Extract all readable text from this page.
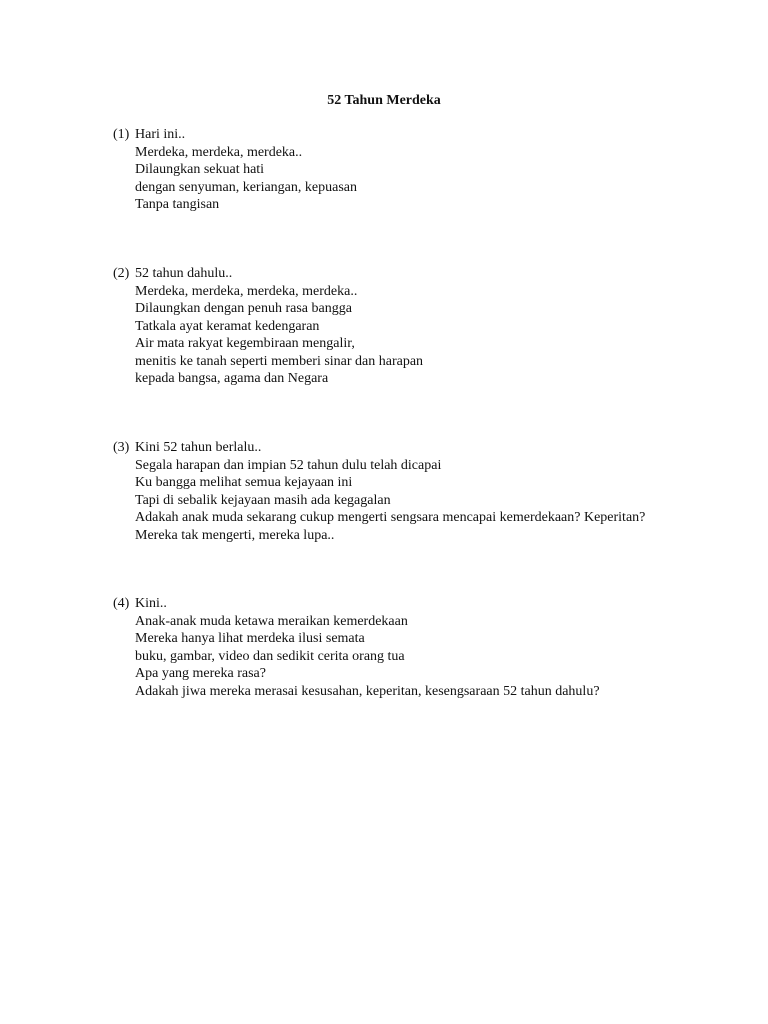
52 Tahun Merdeka
(1) Hari ini..
Merdeka, merdeka, merdeka..
Dilaungkan sekuat hati
dengan senyuman, keriangan, kepuasan
Tanpa tangisan
(2) 52 tahun dahulu..
Merdeka, merdeka, merdeka, merdeka..
Dilaungkan dengan penuh rasa bangga
Tatkala ayat keramat kedengaran
Air mata rakyat kegembiraan mengalir,
menitis ke tanah seperti memberi sinar dan harapan
kepada bangsa, agama dan Negara
(3) Kini 52 tahun berlalu..
Segala harapan dan impian 52 tahun dulu telah dicapai
Ku bangga melihat semua kejayaan ini
Tapi di sebalik kejayaan masih ada kegagalan
Adakah anak muda sekarang cukup mengerti sengsara mencapai kemerdekaan? Keperitan?
Mereka tak mengerti, mereka lupa..
(4) Kini..
Anak-anak muda ketawa meraikan kemerdekaan
Mereka hanya lihat merdeka ilusi semata
buku, gambar, video dan sedikit cerita orang tua
Apa yang mereka rasa?
Adakah jiwa mereka merasai kesusahan, keperitan, kesengsaraan 52 tahun dahulu?
